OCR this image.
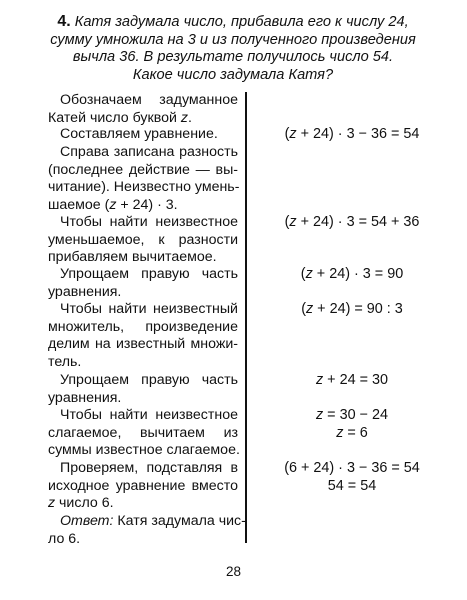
4. Катя задумала число, прибавила его к числу 24,
сумму умножила на 3 и из полученного произведения
вычла 36. В результате получилось число 54.
Какое число задумала Катя?
Обозначаем задуманное
Катей число буквой z.
Составляем уравнение.	(z + 24) · 3 − 36 = 54
Справа записана разность
(последнее действие — вы-
читание). Неизвестно умень-
шаемое (z + 24) · 3.
Чтобы найти неизвестное
уменьшаемое, к разности
прибавляем вычитаемое.
(z + 24) · 3 = 54 + 36
Упрощаем правую часть
уравнения.
(z + 24) · 3 = 90
Чтобы найти неизвестный
множитель, произведение
делим на известный множи-
тель.
(z + 24) = 90 : 3
Упрощаем правую часть
уравнения.
z + 24 = 30
Чтобы найти неизвестное
слагаемое, вычитаем из
суммы известное слагаемое.
z = 30 − 24
z = 6
Проверяем, подставляя в
исходное уравнение вместо
z число 6.
(6 + 24) · 3 − 36 = 54
54 = 54
Ответ: Катя задумала чис-
ло 6.
28
